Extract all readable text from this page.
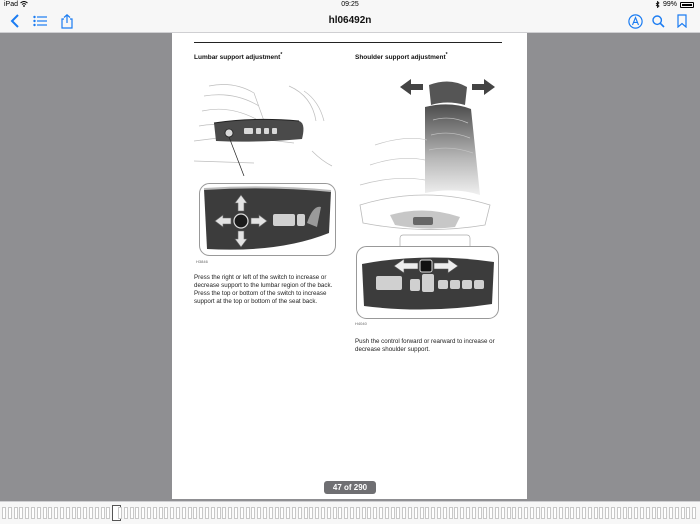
iPad	09:25	99%
hl06492n
Lumbar support adjustment*
H3846
Press the right or left of the switch to increase or decrease support to the lumbar region of the back. Press the top or bottom of the switch to increase support at the top or bottom of the seat back.
Shoulder support adjustment*
H4040
Push the control forward or rearward to increase or decrease shoulder support.
47 of 290
